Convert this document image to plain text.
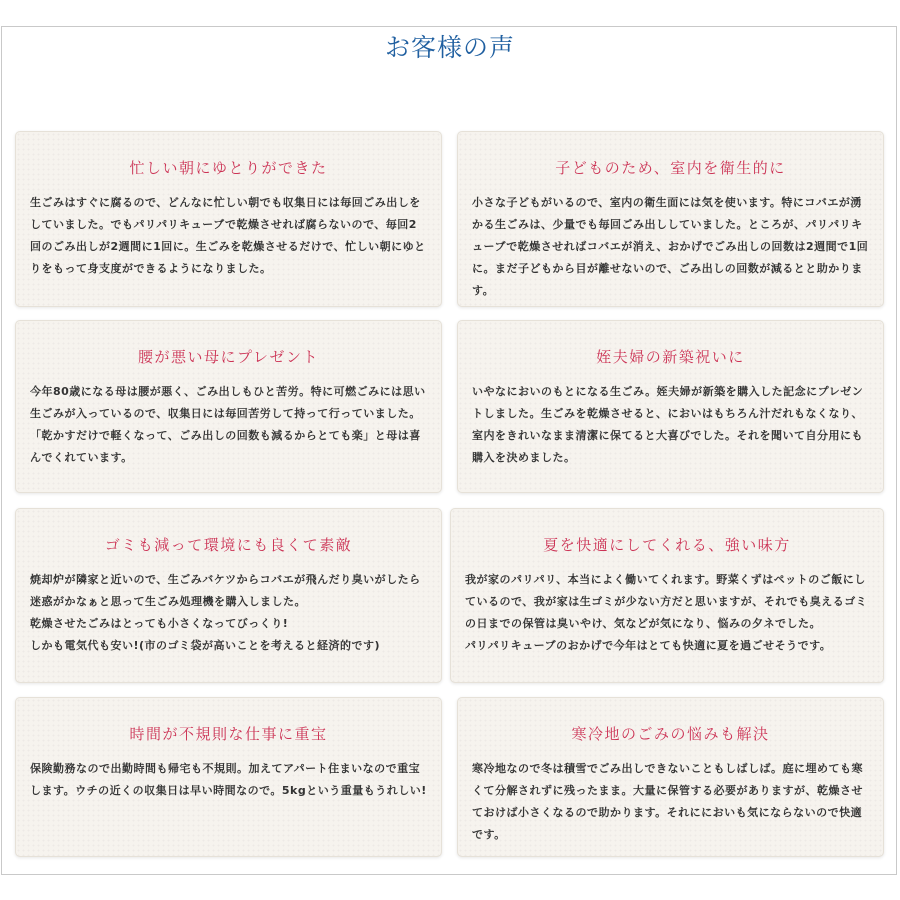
お客様の声
忙しい朝にゆとりができた
生ごみはすぐに腐るので、どんなに忙しい朝でも収集日には毎回ごみ出しをしていました。でもパリパリキューブで乾燥させれば腐らないので、毎回2回のごみ出しが2週間に1回に。生ごみを乾燥させるだけで、忙しい朝にゆとりをもって身支度ができるようになりました。
子どものため、室内を衛生的に
小さな子どもがいるので、室内の衛生面には気を使います。特にコバエが湧かる生ごみは、少量でも毎回ごみ出ししていました。ところが、パリパリキューブで乾燥させればコバエが消え、おかげでごみ出しの回数は2週間で1回に。まだ子どもから目が離せないので、ごみ出しの回数が減るとと助かります。
腰が悪い母にプレゼント
今年80歳になる母は腰が悪く、ごみ出しもひと苦労。特に可燃ごみには思い生ごみが入っているので、収集日には毎回苦労して持って行っていました。「乾かすだけで軽くなって、ごみ出しの回数も減るからとても楽」と母は喜んでくれています。
姪夫婦の新築祝いに
いやなにおいのもとになる生ごみ。姪夫婦が新築を購入した記念にプレゼントしました。生ごみを乾燥させると、においはもちろん汁だれもなくなり、室内をきれいなまま清潔に保てると大喜びでした。それを聞いて自分用にも購入を決めました。
ゴミも減って環境にも良くて素敵
焼却炉が隣家と近いので、生ごみバケツからコバエが飛んだり臭いがしたら迷惑がかなぁと思って生ごみ処理機を購入しました。
乾燥させたごみはとっても小さくなってびっくり!
しかも電気代も安い!(市のゴミ袋が高いことを考えると経済的です)
夏を快適にしてくれる、強い味方
我が家のパリパリ、本当によく働いてくれます。野菜くずはペットのご飯にしているので、我が家は生ゴミが少ない方だと思いますが、それでも臭えるゴミの日までの保管は臭いやけ、気などが気になり、悩みの夕ネでした。
パリパリキューブのおかげで今年はとても快適に夏を過ごせそうです。
時間が不規則な仕事に重宝
保険勤務なので出勤時間も帰宅も不規則。加えてアパート住まいなので重宝します。ウチの近くの収集日は早い時間なので。5kgという重量もうれしい!
寒冷地のごみの悩みも解決
寒冷地なので冬は積雪でごみ出しできないこともしばしば。庭に埋めても寒くて分解されずに残ったまま。大量に保管する必要がありますが、乾燥させておけば小さくなるので助かります。それににおいも気にならないので快適です。
